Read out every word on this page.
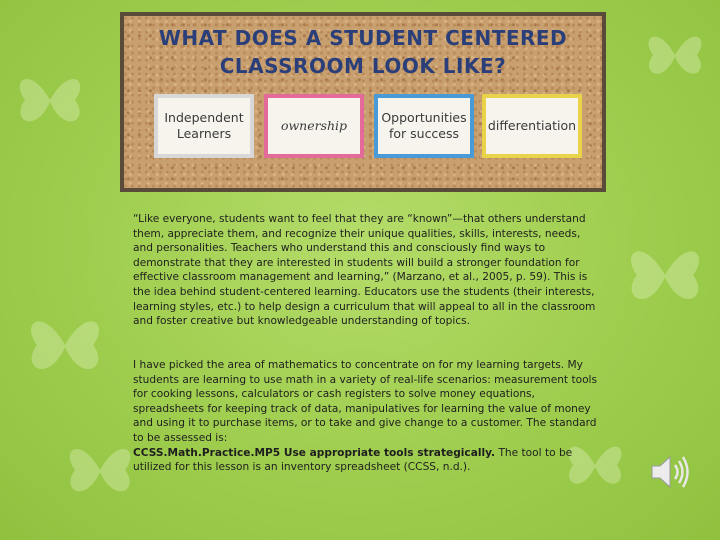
WHAT DOES A STUDENT CENTERED
CLASSROOM LOOK LIKE?
Independent Learners
ownership
Opportunities for success
differentiation
“Like everyone, students want to feel that they are “known”—that others understand them, appreciate them, and recognize their unique qualities, skills, interests, needs, and personalities. Teachers who understand this and consciously find ways to demonstrate that they are interested in students will build a stronger foundation for effective classroom management and learning,” (Marzano, et al., 2005, p. 59). This is the idea behind student-centered learning. Educators use the students (their interests, learning styles, etc.) to help design a curriculum that will appeal to all in the classroom and foster creative but knowledgeable understanding of topics.
I have picked the area of mathematics to concentrate on for my learning targets. My students are learning to use math in a variety of real-life scenarios: measurement tools for cooking lessons, calculators or cash registers to solve money equations, spreadsheets for keeping track of data, manipulatives for learning the value of money and using it to purchase items, or to take and give change to a customer. The standard to be assessed is:
CCSS.Math.Practice.MP5 Use appropriate tools strategically. The tool to be utilized for this lesson is an inventory spreadsheet (CCSS, n.d.).
